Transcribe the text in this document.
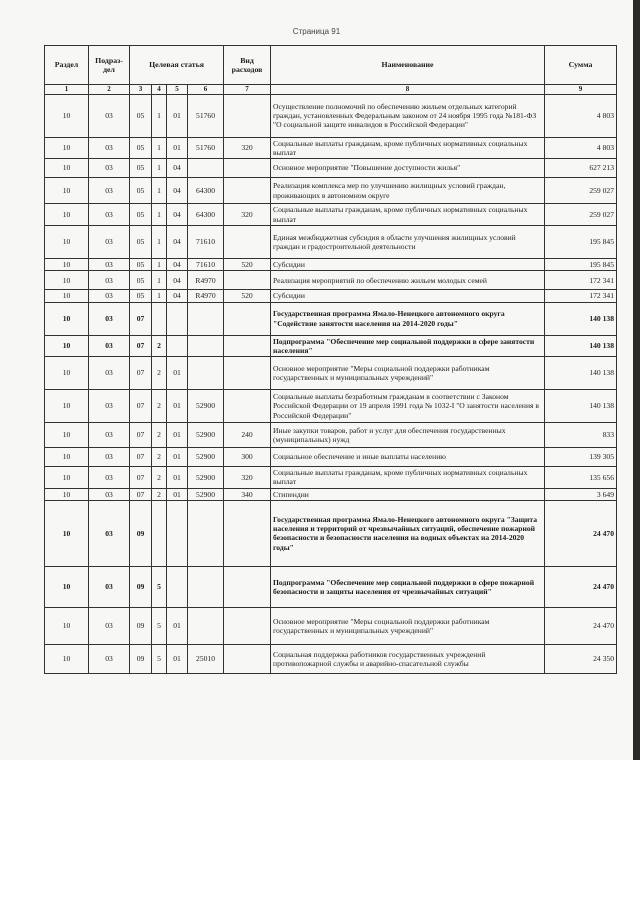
Страница 91
Раздел	Подраз-дел	Целевая статья				Вид расходов	Наименование	Сумма
1	2	3	4	5	6	7	8	9
10	03	05	1	01	51760		Осуществление полномочий по обеспечению жильем отдельных категорий граждан, установленных Федеральным законом от 24 ноября 1995 года №181-ФЗ "О социальной защите инвалидов в Российской Федерации"	4 803
10	03	05	1	01	51760	320	Социальные выплаты гражданам, кроме публичных нормативных социальных выплат	4 803
10	03	05	1	04			Основное мероприятие "Повышение доступности жилья"	627 213
10	03	05	1	04	64300		Реализация комплекса мер по улучшению жилищных условий граждан, проживающих в автономном округе	259 027
10	03	05	1	04	64300	320	Социальные выплаты гражданам, кроме публичных нормативных социальных выплат	259 027
10	03	05	1	04	71610		Единая межбюджетная субсидия в области улучшения жилищных условий граждан и градостроительной деятельности	195 845
10	03	05	1	04	71610	520	Субсидии	195 845
10	03	05	1	04	R4970		Реализация мероприятий по обеспечению жильем молодых семей	172 341
10	03	05	1	04	R4970	520	Субсидии	172 341
10	03	07					Государственная программа Ямало-Ненецкого автономного округа "Содействие занятости населения на 2014-2020 годы"	140 138
10	03	07	2				Подпрограмма "Обеспечение мер социальной поддержки в сфере занятости населения"	140 138
10	03	07	2	01			Основное мероприятие "Меры социальной поддержки работникам государственных и муниципальных учреждений"	140 138
10	03	07	2	01	52900		Социальные выплаты безработным гражданам в соответствии с Законом Российской Федерации от 19 апреля 1991 года № 1032-I "О занятости населения в Российской Федерации"	140 138
10	03	07	2	01	52900	240	Иные закупки товаров, работ и услуг для обеспечения государственных (муниципальных) нужд	833
10	03	07	2	01	52900	300	Социальное обеспечение и иные выплаты населению	139 305
10	03	07	2	01	52900	320	Социальные выплаты гражданам, кроме публичных нормативных социальных выплат	135 656
10	03	07	2	01	52900	340	Стипендии	3 649
10	03	09					Государственная программа Ямало-Ненецкого автономного округа "Защита населения и территорий от чрезвычайных ситуаций, обеспечение пожарной безопасности и безопасности населения на водных объектах на 2014-2020 годы"	24 470
10	03	09	5				Подпрограмма "Обеспечение мер социальной поддержки в сфере пожарной безопасности и защиты населения от чрезвычайных ситуаций"	24 470
10	03	09	5	01			Основное мероприятие "Меры социальной поддержки работникам государственных и муниципальных учреждений"	24 470
10	03	09	5	01	25010		Социальная поддержка работников государственных учреждений противопожарной службы и аварийно-спасательной службы	24 350
